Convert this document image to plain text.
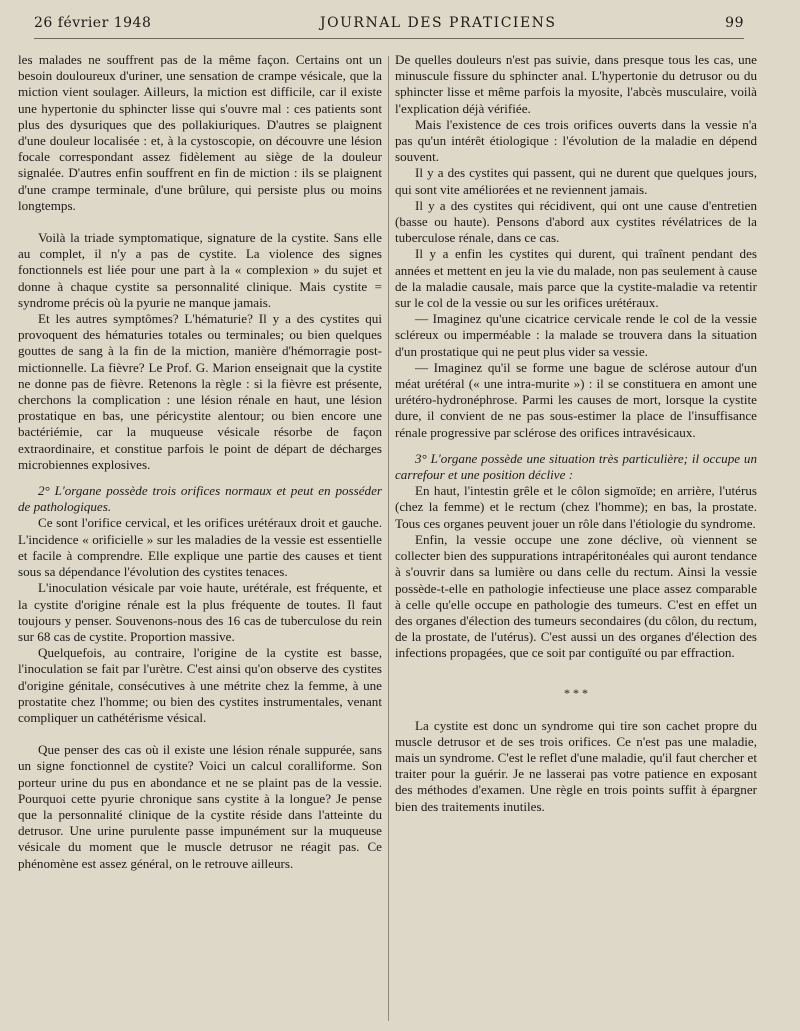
26 février 1948	JOURNAL DES PRATICIENS	99

les malades ne souffrent pas de la même façon. Certains ont un besoin douloureux d'uriner, une sensation de crampe vésicale, que la miction vient soulager. Ailleurs, la miction est difficile, car il existe une hypertonie du sphincter lisse qui s'ouvre mal : ces patients sont plus des dysuriques que des pollakiuriques. D'autres se plaignent d'une douleur localisée : et, à la cystoscopie, on découvre une lésion focale correspondant assez fidèlement au siège de la douleur signalée. D'autres enfin souffrent en fin de miction : ils se plaignent d'une crampe terminale, d'une brûlure, qui persiste plus ou moins longtemps.

Voilà la triade symptomatique, signature de la cystite. Sans elle au complet, il n'y a pas de cystite. La violence des signes fonctionnels est liée pour une part à la « complexion » du sujet et donne à chaque cystite sa personnalité clinique. Mais cystite = syndrome précis où la pyurie ne manque jamais.

Et les autres symptômes? L'hématurie? Il y a des cystites qui provoquent des hématuries totales ou terminales; ou bien quelques gouttes de sang à la fin de la miction, manière d'hémorragie post-mictionnelle. La fièvre? Le Prof. G. Marion enseignait que la cystite ne donne pas de fièvre. Retenons la règle : si la fièvre est présente, cherchons la complication : une lésion rénale en haut, une lésion prostatique en bas, une péricystite alentour; ou bien encore une bactériémie, car la muqueuse vésicale résorbe de façon extraordinaire, et constitue parfois le point de départ de décharges microbiennes explosives.

2° L'organe possède trois orifices normaux et peut en posséder de pathologiques.

Ce sont l'orifice cervical, et les orifices urétéraux droit et gauche. L'incidence « orificielle » sur les maladies de la vessie est essentielle et facile à comprendre. Elle explique une partie des causes et tient sous sa dépendance l'évolution des cystites tenaces.

L'inoculation vésicale par voie haute, urétérale, est fréquente, et la cystite d'origine rénale est la plus fréquente de toutes. Il faut toujours y penser. Souvenons-nous des 16 cas de tuberculose du rein sur 68 cas de cystite. Proportion massive.

Quelquefois, au contraire, l'origine de la cystite est basse, l'inoculation se fait par l'urètre. C'est ainsi qu'on observe des cystites d'origine génitale, consécutives à une métrite chez la femme, à une prostatite chez l'homme; ou bien des cystites instrumentales, venant compliquer un cathétérisme vésical.

Que penser des cas où il existe une lésion rénale suppurée, sans un signe fonctionnel de cystite? Voici un calcul coralliforme. Son porteur urine du pus en abondance et ne se plaint pas de la vessie. Pourquoi cette pyurie chronique sans cystite à la longue? Je pense que la personnalité clinique de la cystite réside dans l'atteinte du detrusor. Une urine purulente passe impunément sur la muqueuse vésicale du moment que le muscle detrusor ne réagit pas. Ce phénomène est assez général, on le retrouve ailleurs.

De quelles douleurs n'est pas suivie, dans presque tous les cas, une minuscule fissure du sphincter anal. L'hypertonie du detrusor ou du sphincter lisse et même parfois la myosite, l'abcès musculaire, voilà l'explication déjà vérifiée.

Mais l'existence de ces trois orifices ouverts dans la vessie n'a pas qu'un intérêt étiologique : l'évolution de la maladie en dépend souvent.

Il y a des cystites qui passent, qui ne durent que quelques jours, qui sont vite améliorées et ne reviennent jamais.

Il y a des cystites qui récidivent, qui ont une cause d'entretien (basse ou haute). Pensons d'abord aux cystites révélatrices de la tuberculose rénale, dans ce cas.

Il y a enfin les cystites qui durent, qui traînent pendant des années et mettent en jeu la vie du malade, non pas seulement à cause de la maladie causale, mais parce que la cystite-maladie va retentir sur le col de la vessie ou sur les orifices urétéraux.

— Imaginez qu'une cicatrice cervicale rende le col de la vessie scléreux ou imperméable : la malade se trouvera dans la situation d'un prostatique qui ne peut plus vider sa vessie.

— Imaginez qu'il se forme une bague de sclérose autour d'un méat urétéral (« une intra-murite ») : il se constituera en amont une urétéro-hydronéphrose. Parmi les causes de mort, lorsque la cystite dure, il convient de ne pas sous-estimer la place de l'insuffisance rénale progressive par sclérose des orifices intravésicaux.

3° L'organe possède une situation très particulière; il occupe un carrefour et une position déclive :

En haut, l'intestin grêle et le côlon sigmoïde; en arrière, l'utérus (chez la femme) et le rectum (chez l'homme); en bas, la prostate. Tous ces organes peuvent jouer un rôle dans l'étiologie du syndrome.

Enfin, la vessie occupe une zone déclive, où viennent se collecter bien des suppurations intrapéritonéales qui auront tendance à s'ouvrir dans sa lumière ou dans celle du rectum. Ainsi la vessie possède-t-elle en pathologie infectieuse une place assez comparable à celle qu'elle occupe en pathologie des tumeurs. C'est en effet un des organes d'élection des tumeurs secondaires (du côlon, du rectum, de la prostate, de l'utérus). C'est aussi un des organes d'élection des infections propagées, que ce soit par contiguïté ou par effraction.

* * *

La cystite est donc un syndrome qui tire son cachet propre du muscle detrusor et de ses trois orifices. Ce n'est pas une maladie, mais un syndrome. C'est le reflet d'une maladie, qu'il faut chercher et traiter pour la guérir. Je ne lasserai pas votre patience en exposant des méthodes d'examen. Une règle en trois points suffit à épargner bien des traitements inutiles.
